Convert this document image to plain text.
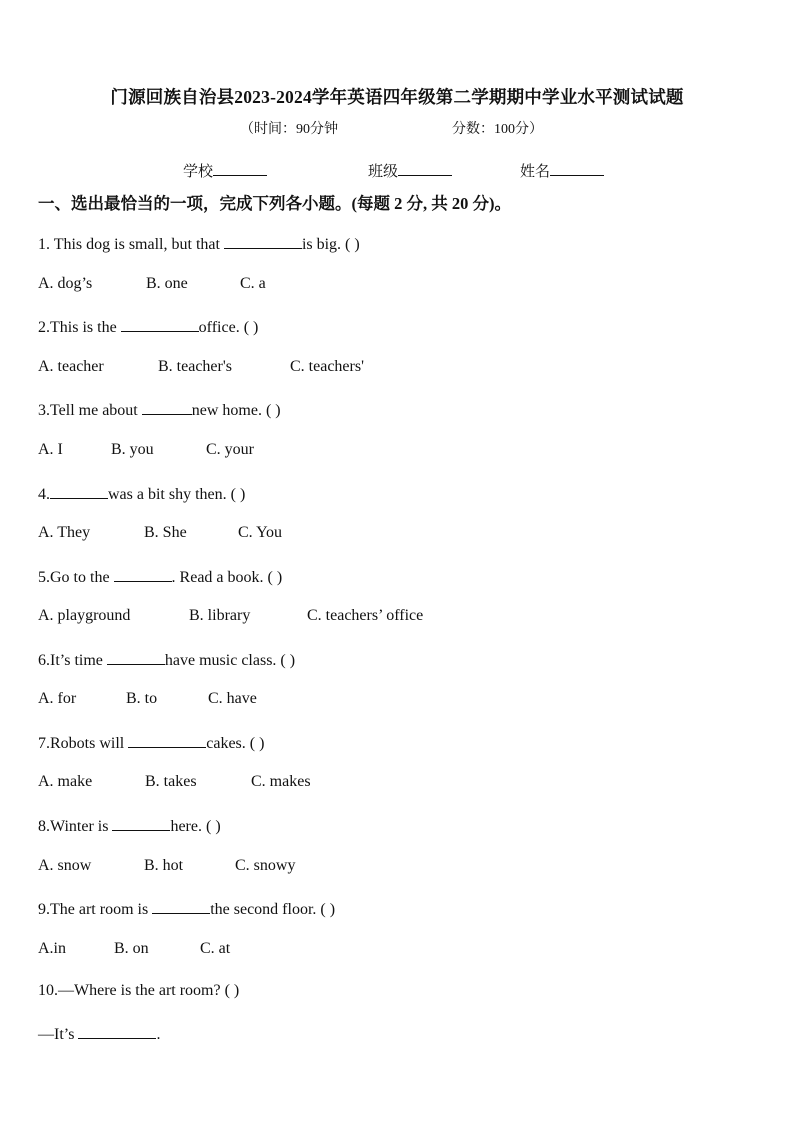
门源回族自治县2023-2024学年英语四年级第二学期期中学业水平测试试题
（时间：90分钟	分数：100分）
学校	班级	姓名
一、选出最恰当的一项，完成下列各小题。(每题 2 分, 共 20 分)。
1. This dog is small, but that	is big. ( )
A. dog’s	B. one	C. a
2.This is the	office. ( )
A. teacher	B. teacher's	C. teachers'
3.Tell me about	new home. ( )
A. I	B. you	C. your
4.	was a bit shy then. ( )
A. They	B. She	C. You
5.Go to the	. Read a book. ( )
A. playground	B. library	C. teachers’ office
6.It’s time	have music class. ( )
A. for	B. to	C. have
7.Robots will	cakes. ( )
A. make	B. takes	C. makes
8.Winter is	here. ( )
A. snow	B. hot	C. snowy
9.The art room is	the second floor. ( )
A.in	B. on	C. at
10.—Where is the art room? ( )
—It’s	.
